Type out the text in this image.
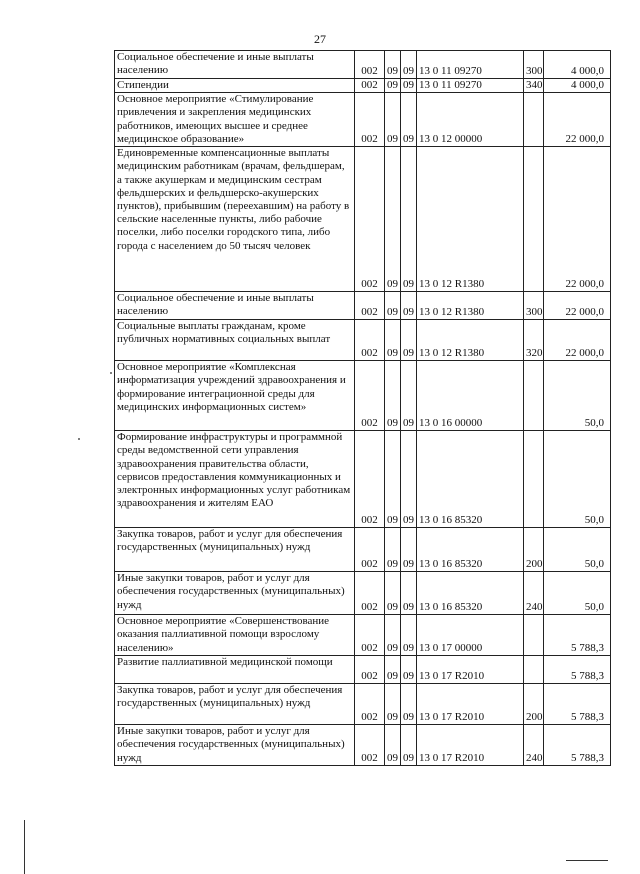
27
Социальное обеспечение и иные выплаты населению	002	09	09	13 0 11 09270	300	4 000,0
Стипендии	002	09	09	13 0 11 09270	340	4 000,0
Основное мероприятие «Стимулирование привлечения и закрепления медицинских работников, имеющих высшее и среднее медицинское образование»	002	09	09	13 0 12 00000		22 000,0
Единовременные компенсационные выплаты медицинским работникам (врачам, фельдшерам, а также акушеркам и медицинским сестрам фельдшерских и фельдшерско-акушерских пунктов), прибывшим (переехавшим) на работу в сельские населенные пункты, либо рабочие поселки, либо поселки городского типа, либо города с населением до 50 тысяч человек	002	09	09	13 0 12 R1380		22 000,0
Социальное обеспечение и иные выплаты населению	002	09	09	13 0 12 R1380	300	22 000,0
Социальные выплаты гражданам, кроме публичных нормативных социальных выплат	002	09	09	13 0 12 R1380	320	22 000,0
Основное мероприятие «Комплексная информатизация учреждений здравоохранения и формирование интеграционной среды для медицинских информационных систем»	002	09	09	13 0 16 00000		50,0
Формирование инфраструктуры и программной среды ведомственной сети управления здравоохранения правительства области, сервисов предоставления коммуникационных и электронных информационных услуг работникам здравоохранения и жителям ЕАО	002	09	09	13 0 16 85320		50,0
Закупка товаров, работ и услуг для обеспечения государственных (муниципальных) нужд	002	09	09	13 0 16 85320	200	50,0
Иные закупки товаров, работ и услуг для обеспечения государственных (муниципальных) нужд	002	09	09	13 0 16 85320	240	50,0
Основное мероприятие «Совершенствование оказания паллиативной помощи взрослому населению»	002	09	09	13 0 17 00000		5 788,3
Развитие паллиативной медицинской помощи	002	09	09	13 0 17 R2010		5 788,3
Закупка товаров, работ и услуг для обеспечения государственных (муниципальных) нужд	002	09	09	13 0 17 R2010	200	5 788,3
Иные закупки товаров, работ и услуг для обеспечения государственных (муниципальных) нужд	002	09	09	13 0 17 R2010	240	5 788,3
